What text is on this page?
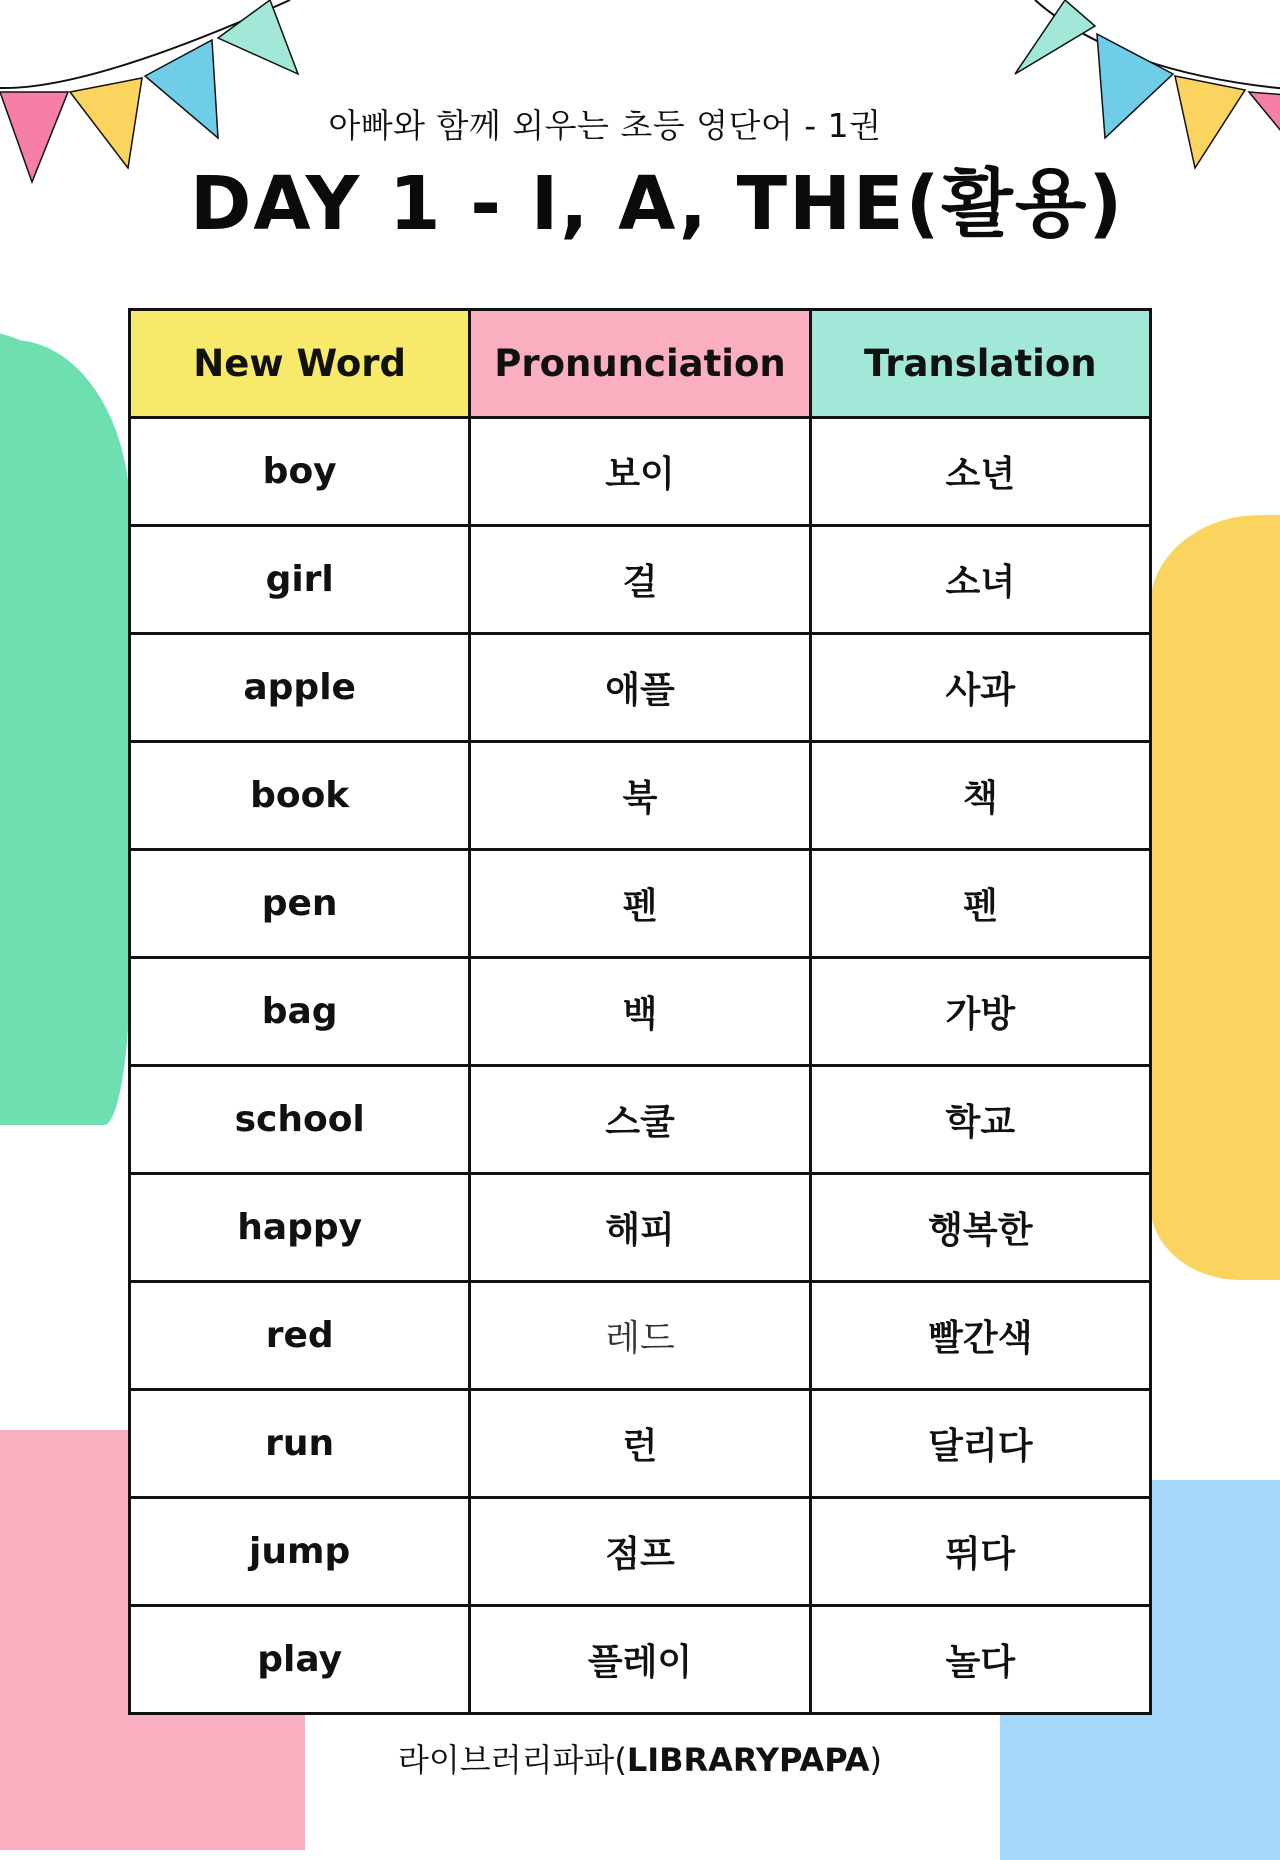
아빠와 함께 외우는 초등 영단어 - 1권
DAY 1 - I, A, THE(활용)
New Word	Pronunciation	Translation
boy	보이	소년
girl	걸	소녀
apple	애플	사과
book	북	책
pen	펜	펜
bag	백	가방
school	스쿨	학교
happy	해피	행복한
red	레드	빨간색
run	런	달리다
jump	점프	뛰다
play	플레이	놀다
라이브러리파파(LIBRARYPAPA)
